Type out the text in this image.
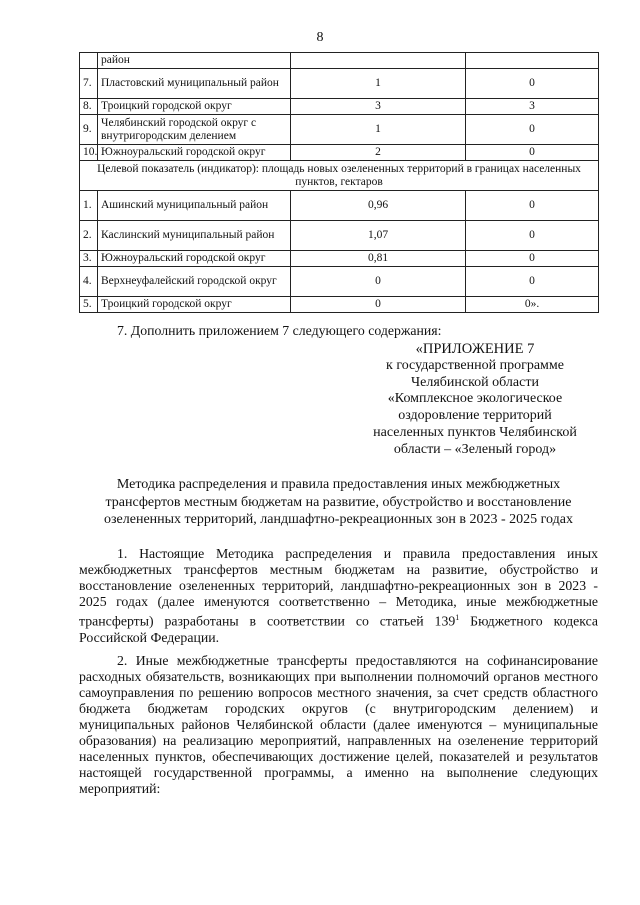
8
	район		
7.	Пластовский муниципальный район	1	0
8.	Троицкий городской округ	3	3
9.	Челябинский городской округ с внутригородским делением	1	0
10.	Южноуральский городской округ	2	0
Целевой показатель (индикатор): площадь новых озелененных территорий в границах населенных пунктов, гектаров			
1.	Ашинский муниципальный район	0,96	0
2.	Каслинский муниципальный район	1,07	0
3.	Южноуральский городской округ	0,81	0
4.	Верхнеуфалейский городской округ	0	0
5.	Троицкий городской округ	0	0».
7. Дополнить приложением 7 следующего содержания:
«ПРИЛОЖЕНИЕ 7
к государственной программе
Челябинской области
«Комплексное экологическое
оздоровление территорий
населенных пунктов Челябинской
области – «Зеленый город»
Методика распределения и правила предоставления иных межбюджетных
трансфертов местным бюджетам на развитие, обустройство и восстановление
озелененных территорий, ландшафтно-рекреационных зон в 2023 - 2025 годах
1. Настоящие Методика распределения и правила предоставления иных межбюджетных трансфертов местным бюджетам на развитие, обустройство и восстановление озелененных территорий, ландшафтно-рекреационных зон в 2023 - 2025 годах (далее именуются соответственно – Методика, иные межбюджетные трансферты) разработаны в соответствии со статьей $139^1$ Бюджетного кодекса Российской Федерации.
2. Иные межбюджетные трансферты предоставляются на софинансирование расходных обязательств, возникающих при выполнении полномочий органов местного самоуправления по решению вопросов местного значения, за счет средств областного бюджета бюджетам городских округов (с внутригородским делением) и муниципальных районов Челябинской области (далее именуются – муниципальные образования) на реализацию мероприятий, направленных на озеленение территорий населенных пунктов, обеспечивающих достижение целей, показателей и результатов настоящей государственной программы, а именно на выполнение следующих мероприятий:
